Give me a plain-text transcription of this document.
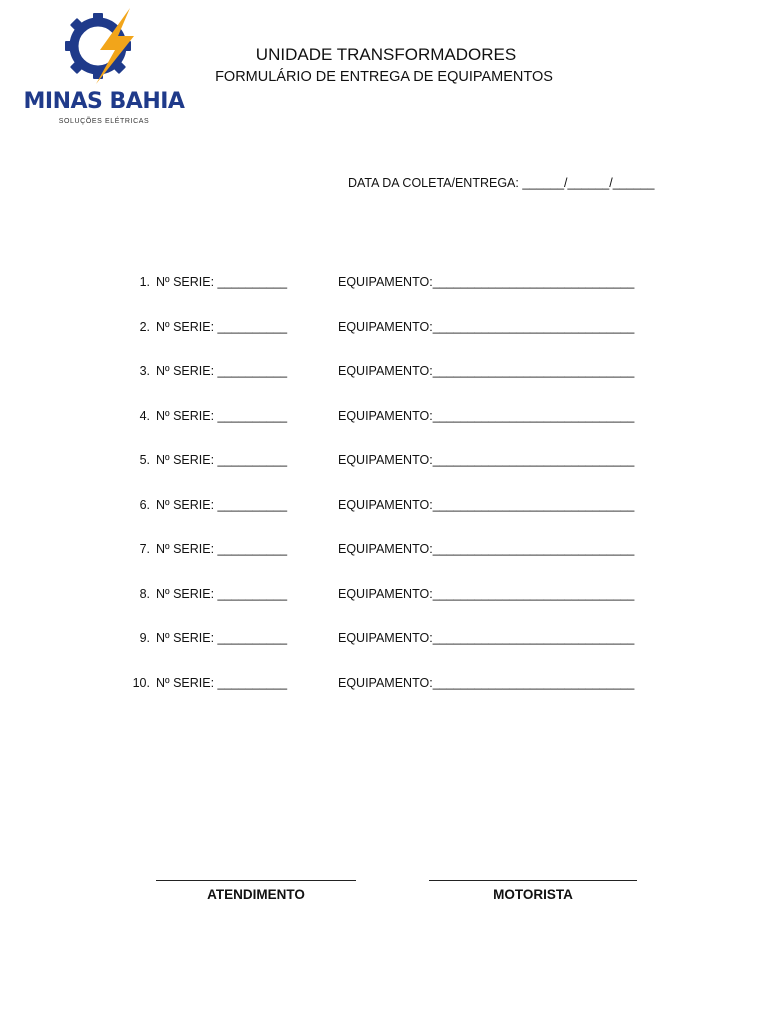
MINAS BAHIA
SOLUÇÕES ELÉTRICAS
UNIDADE TRANSFORMADORES
FORMULÁRIO DE ENTREGA DE EQUIPAMENTOS
DATA DA COLETA/ENTREGA: ______/______/______
1. Nº SERIE: __________	EQUIPAMENTO:_____________________________
2. Nº SERIE: __________	EQUIPAMENTO:_____________________________
3. Nº SERIE: __________	EQUIPAMENTO:_____________________________
4. Nº SERIE: __________	EQUIPAMENTO:_____________________________
5. Nº SERIE: __________	EQUIPAMENTO:_____________________________
6. Nº SERIE: __________	EQUIPAMENTO:_____________________________
7. Nº SERIE: __________	EQUIPAMENTO:_____________________________
8. Nº SERIE: __________	EQUIPAMENTO:_____________________________
9. Nº SERIE: __________	EQUIPAMENTO:_____________________________
10. Nº SERIE: __________	EQUIPAMENTO:_____________________________
ATENDIMENTO	MOTORISTA
